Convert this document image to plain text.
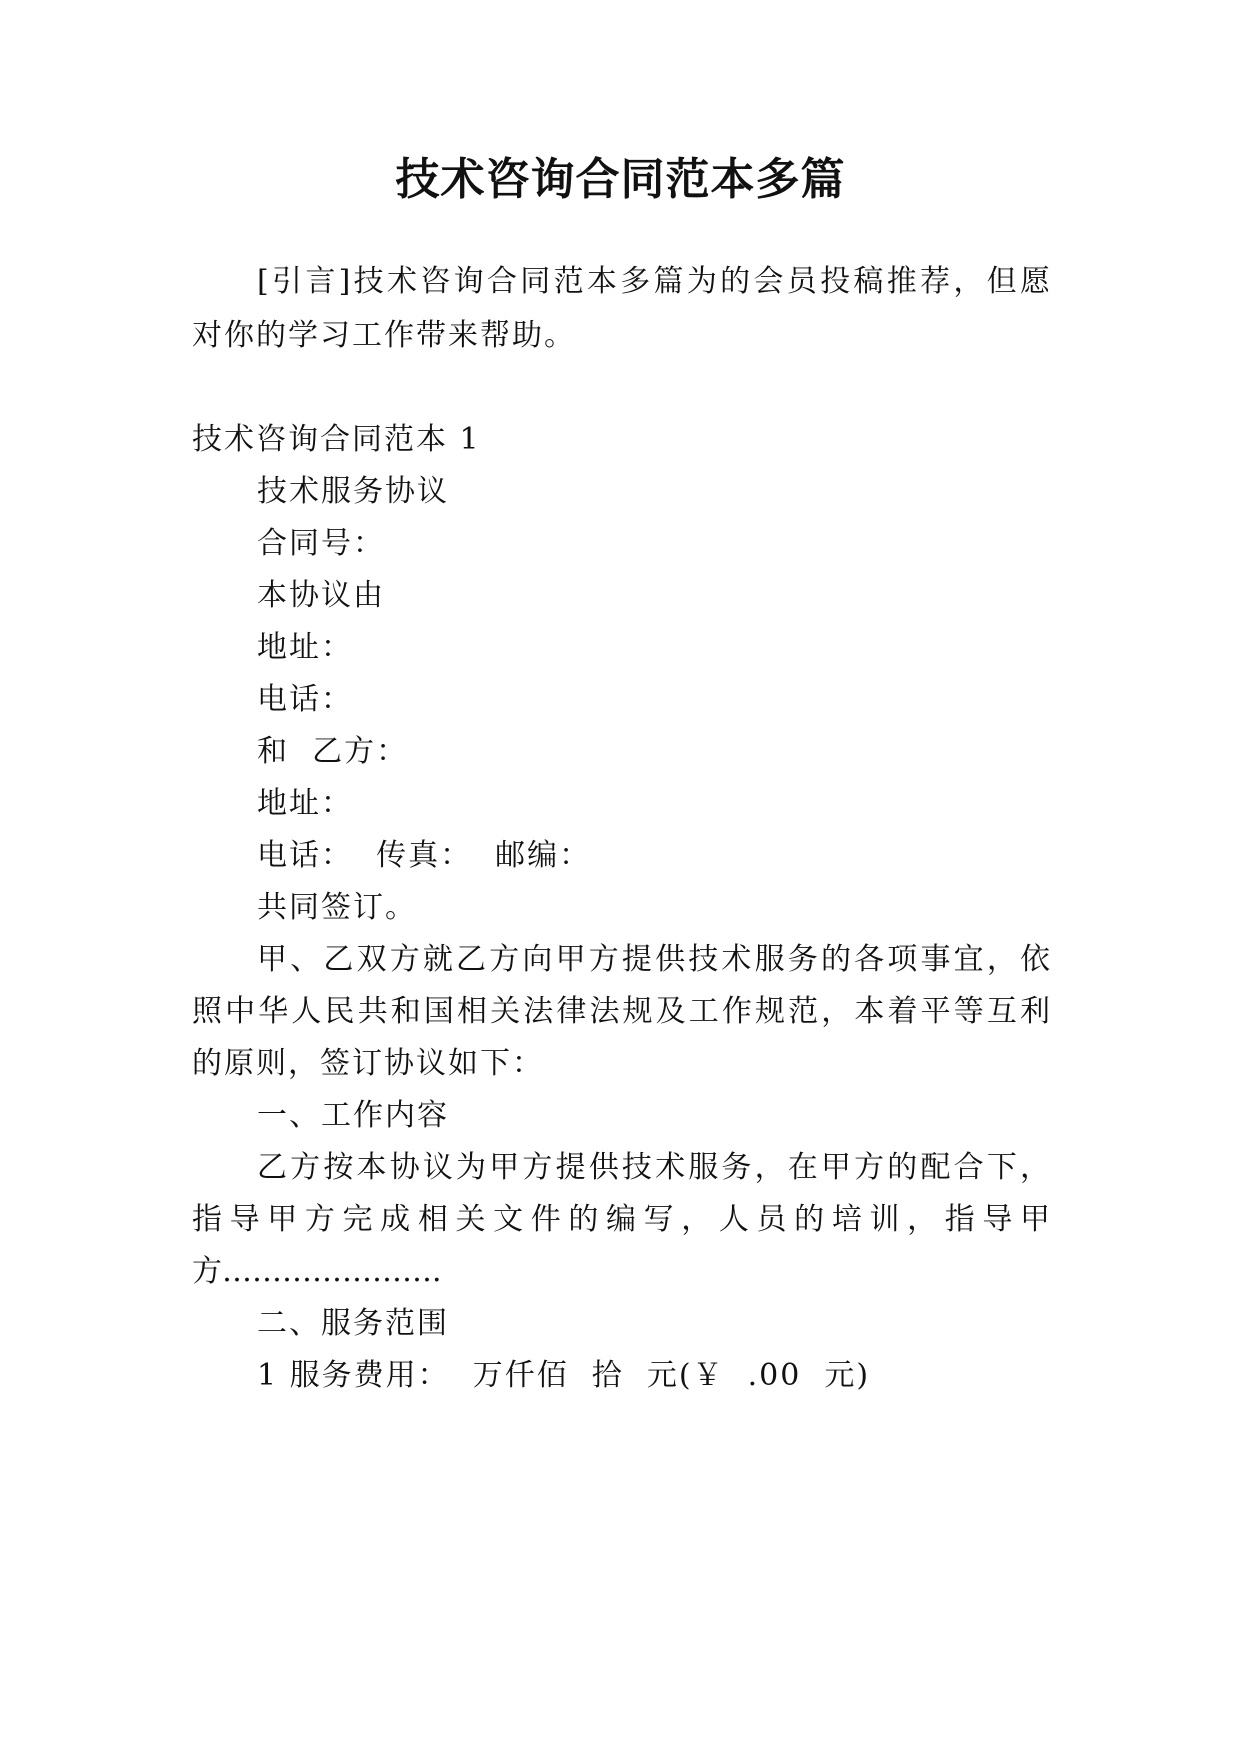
技术咨询合同范本多篇
[引言]技术咨询合同范本多篇为的会员投稿推荐，但愿
对你的学习工作带来帮助。
技术咨询合同范本 1
技术服务协议
合同号：
本协议由
地址：
电话：
和  乙方：
地址：
电话：  传真：  邮编：
共同签订。
甲、乙双方就乙方向甲方提供技术服务的各项事宜，依
照中华人民共和国相关法律法规及工作规范，本着平等互利
的原则，签订协议如下：
一、工作内容
乙方按本协议为甲方提供技术服务，在甲方的配合下，
指导甲方完成相关文件的编写，人员的培训，指导甲
方………………….
二、服务范围
1 服务费用：  万仟佰  拾  元(￥  .00  元)
